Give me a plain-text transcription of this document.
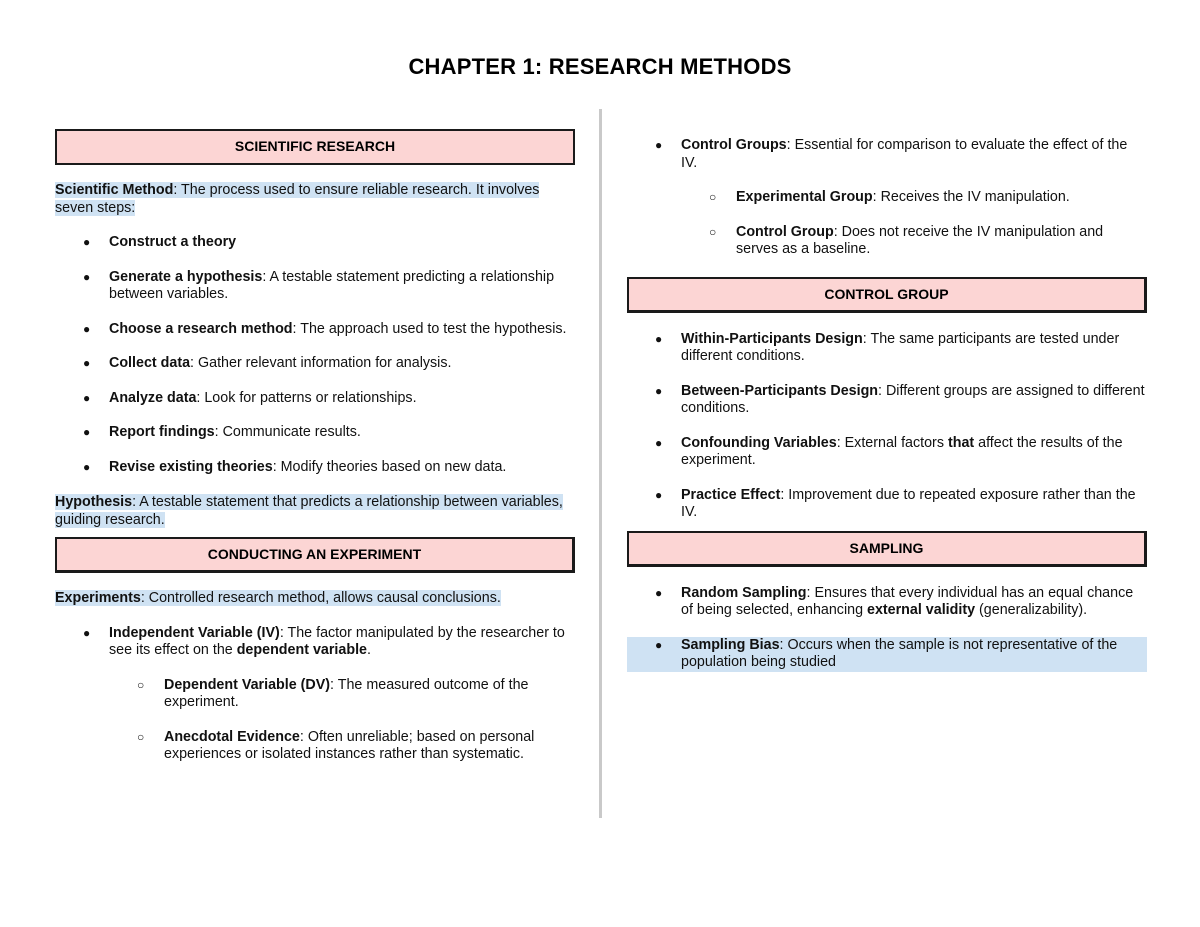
CHAPTER 1: RESEARCH METHODS
SCIENTIFIC RESEARCH

Scientific Method: The process used to ensure reliable research. It involves seven steps:

● Construct a theory
● Generate a hypothesis: A testable statement predicting a relationship between variables.
● Choose a research method: The approach used to test the hypothesis.
● Collect data: Gather relevant information for analysis.
● Analyze data: Look for patterns or relationships.
● Report findings: Communicate results.
● Revise existing theories: Modify theories based on new data.

Hypothesis: A testable statement that predicts a relationship between variables, guiding research.

CONDUCTING AN EXPERIMENT

Experiments: Controlled research method, allows causal conclusions.

● Independent Variable (IV): The factor manipulated by the researcher to see its effect on the dependent variable.
○ Dependent Variable (DV): The measured outcome of the experiment.
○ Anecdotal Evidence: Often unreliable; based on personal experiences or isolated instances rather than systematic.
● Control Groups: Essential for comparison to evaluate the effect of the IV.
○ Experimental Group: Receives the IV manipulation.
○ Control Group: Does not receive the IV manipulation and serves as a baseline.
CONTROL GROUP
● Within-Participants Design: The same participants are tested under different conditions.
● Between-Participants Design: Different groups are assigned to different conditions.
● Confounding Variables: External factors that affect the results of the experiment.
● Practice Effect: Improvement due to repeated exposure rather than the IV.
SAMPLING
● Random Sampling: Ensures that every individual has an equal chance of being selected, enhancing external validity (generalizability).
● Sampling Bias: Occurs when the sample is not representative of the population being studied
